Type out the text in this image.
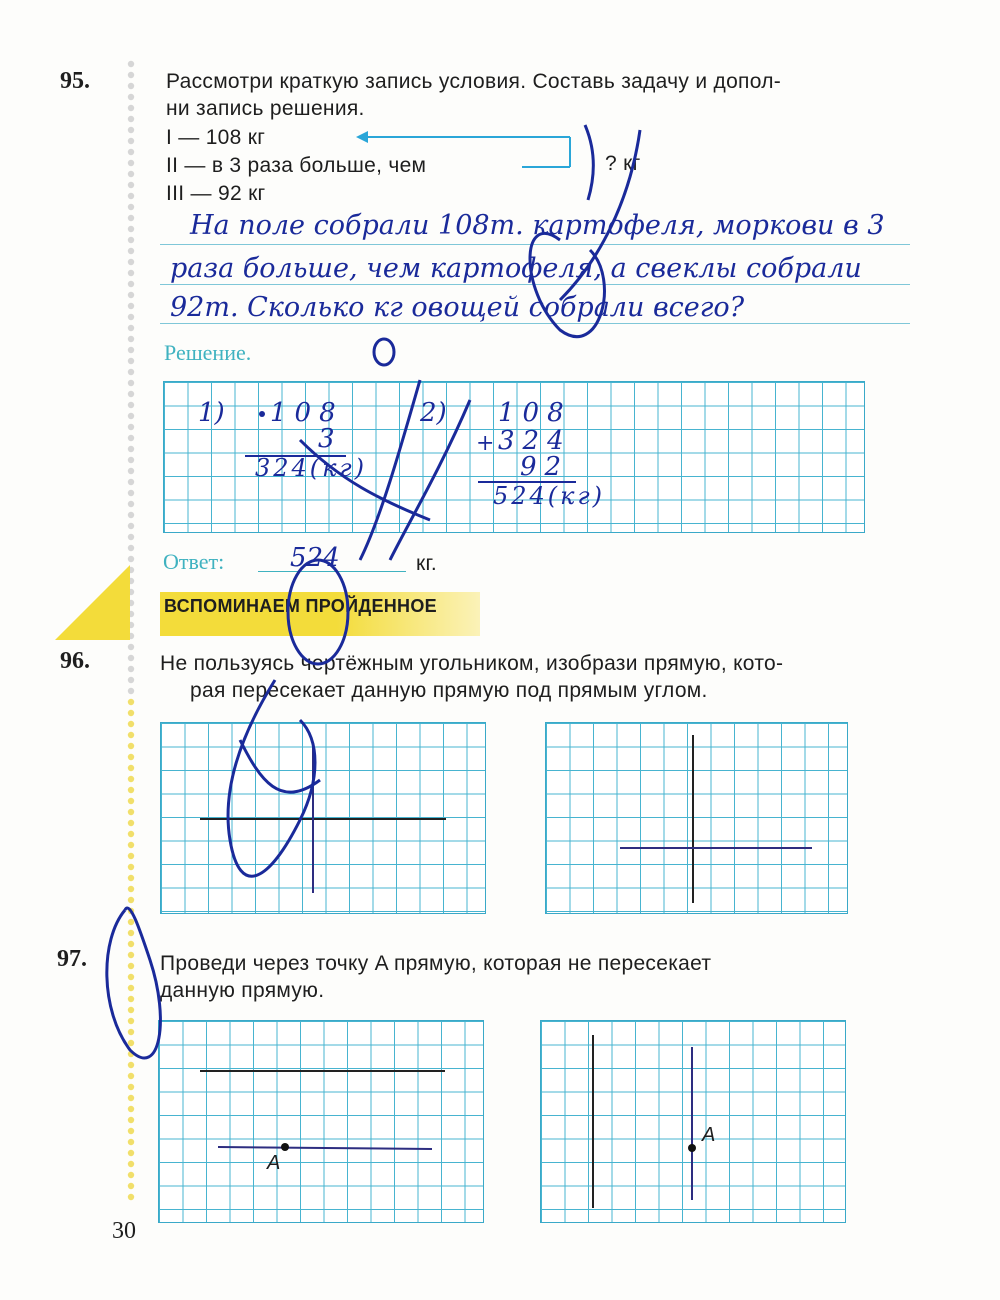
95.	Рассмотри краткую запись условия. Составь задачу и допол-
ни запись решения.
I — 108 кг
II — в 3 раза больше, чем
III — 92 кг
? кг
На поле собрали 108т. картофеля, моркови в 3
раза больше, чем картофеля, а свеклы собрали
92т. Сколько кг овощей собрали всего?
Решение.
1) 108
3
324(кг)
2) 108
324
92
524(кг)
+
Ответ:	524	кг.
ВСПОМИНАЕМ ПРОЙДЕННОЕ
96.	Не пользуясь чертёжным угольником, изобрази прямую, кото-
рая пересекает данную прямую под прямым углом.
97.	Проведи через точку A прямую, которая не пересекает
данную прямую.
A
A
30
